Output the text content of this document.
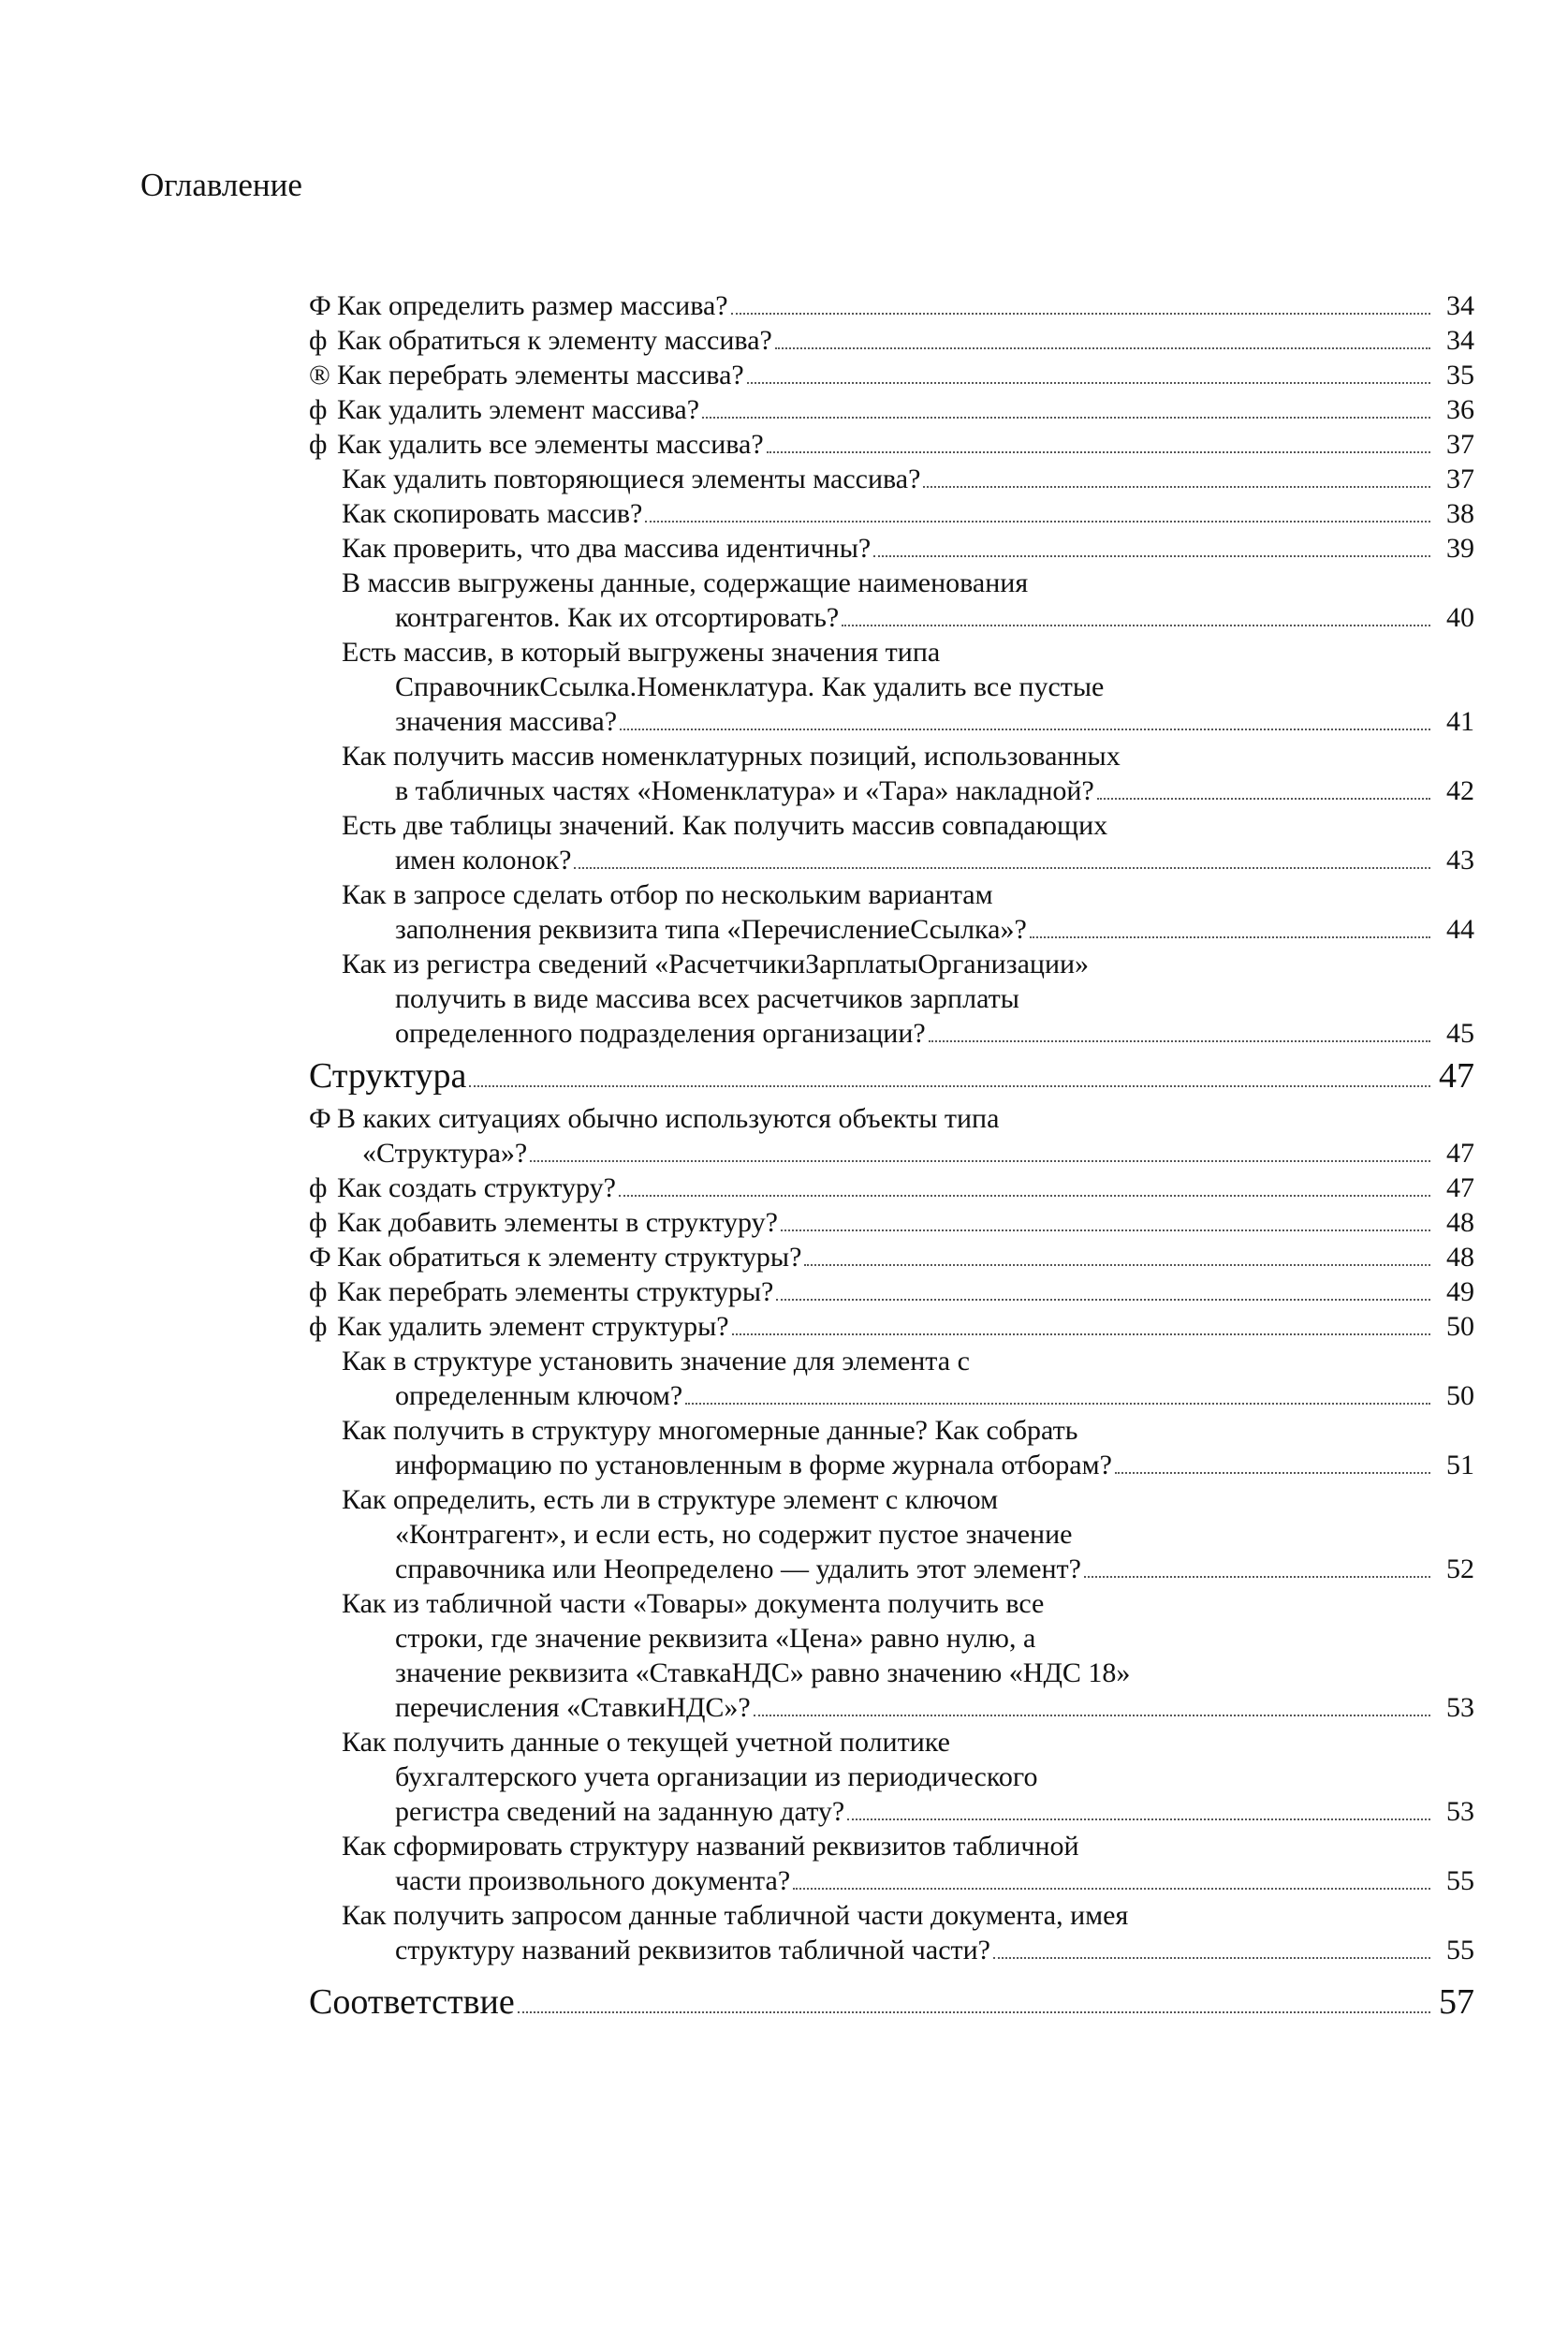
Оглавление
Ф Как определить размер массива?	34
ф Как обратиться к элементу массива?	34
® Как перебрать элементы массива?	35
ф Как удалить элемент массива?	36
ф Как удалить все элементы массива?	37
Как удалить повторяющиеся элементы массива?	37
Как скопировать массив?	38
Как проверить, что два массива идентичны?	39
В массив выгружены данные, содержащие наименования
контрагентов. Как их отсортировать?	40
Есть массив, в который выгружены значения типа
СправочникСсылка.Номенклатура. Как удалить все пустые
значения массива?	41
Как получить массив номенклатурных позиций, использованных
в табличных частях «Номенклатура» и «Тара» накладной?	42
Есть две таблицы значений. Как получить массив совпадающих
имен колонок?	43
Как в запросе сделать отбор по нескольким вариантам
заполнения реквизита типа «ПеречислениеСсылка»?	44
Как из регистра сведений «РасчетчикиЗарплатыОрганизации»
получить в виде массива всех расчетчиков зарплаты
определенного подразделения организации?	45
Структура	47
Ф В каких ситуациях обычно используются объекты типа
«Структура»?	47
ф Как создать структуру?	47
ф Как добавить элементы в структуру?	48
Ф Как обратиться к элементу структуры?	48
ф Как перебрать элементы структуры?	49
ф Как удалить элемент структуры?	50
Как в структуре установить значение для элемента с
определенным ключом?	50
Как получить в структуру многомерные данные? Как собрать
информацию по установленным в форме журнала отборам?	51
Как определить, есть ли в структуре элемент с ключом
«Контрагент», и если есть, но содержит пустое значение
справочника или Неопределено — удалить этот элемент?	52
Как из табличной части «Товары» документа получить все
строки, где значение реквизита «Цена» равно нулю, а
значение реквизита «СтавкаНДС» равно значению «НДС 18»
перечисления «СтавкиНДС»?	53
Как получить данные о текущей учетной политике
бухгалтерского учета организации из периодического
регистра сведений на заданную дату?	53
Как сформировать структуру названий реквизитов табличной
части произвольного документа?	55
Как получить запросом данные табличной части документа, имея
структуру названий реквизитов табличной части?	55
Соответствие	57
